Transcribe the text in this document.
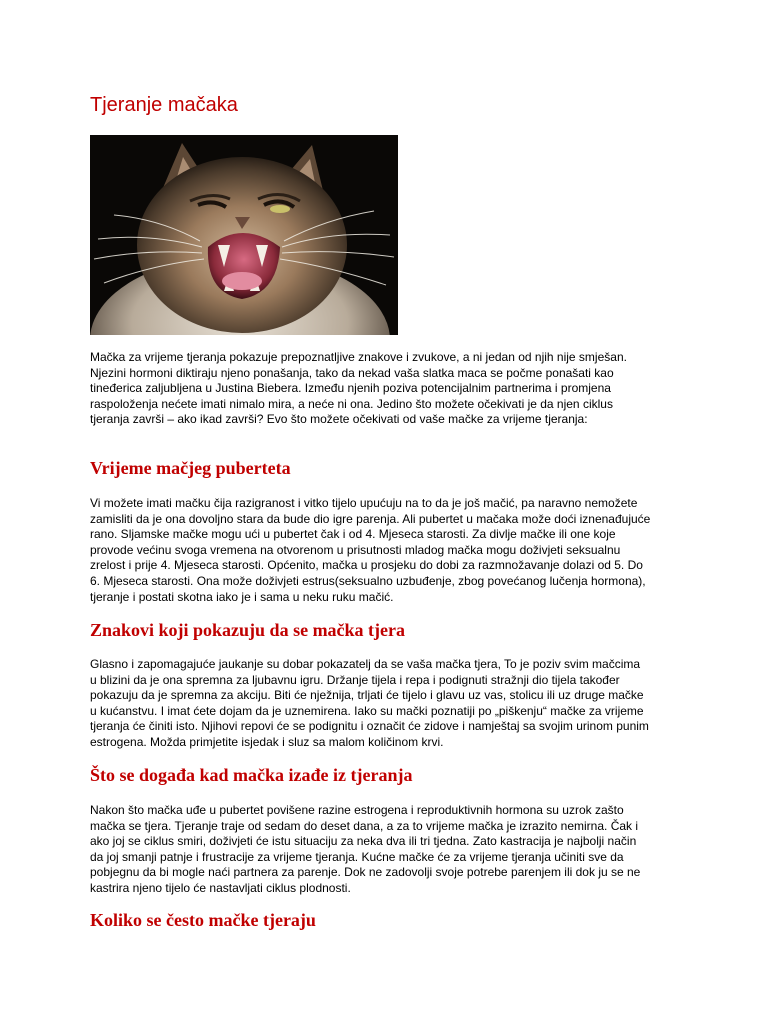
Tjeranje mačaka

Mačka za vrijeme tjeranja pokazuje prepoznatljive znakove i zvukove, a ni jedan od njih nije smješan.
Njezini hormoni diktiraju njeno ponašanja, tako da nekad vaša slatka maca se počme ponašati kao
tineđerica zaljubljena u Justina Biebera. Između njenih poziva potencijalnim partnerima i promjena
raspoloženja nećete imati nimalo mira, a neće ni ona. Jedino što možete očekivati je da njen ciklus
tjeranja završi – ako ikad završi? Evo što možete očekivati od vaše mačke za vrijeme tjeranja:

Vrijeme mačjeg puberteta

Vi možete imati mačku čija razigranost i vitko tijelo upućuju na to da je još mačić, pa naravno nemožete
zamisliti da je ona dovoljno stara da bude dio igre parenja. Ali pubertet u mačaka može doći iznenađujuće
rano. Sljamske mačke mogu ući u pubertet čak i od 4. Mjeseca starosti. Za divlje mačke ili one koje
provode većinu svoga vremena na otvorenom u prisutnosti mladog mačka mogu doživjeti seksualnu
zrelost i prije 4. Mjeseca starosti. Općenito, mačka u prosjeku do dobi za razmnožavanje dolazi od 5. Do
6. Mjeseca starosti. Ona može doživjeti estrus(seksualno uzbuđenje, zbog povećanog lučenja hormona),
tjeranje i postati skotna iako je i sama u neku ruku mačić.

Znakovi koji pokazuju da se mačka tjera

Glasno i zapomagajuće jaukanje su dobar pokazatelj da se vaša mačka tjera, To je poziv svim mačcima
u blizini da je ona spremna za ljubavnu igru. Držanje tijela i repa i podignuti stražnji dio tijela također
pokazuju da je spremna za akciju. Biti će nježnija, trljati će tijelo i glavu uz vas, stolicu ili uz druge mačke
u kućanstvu. I imat ćete dojam da je uznemirena. Iako su mački poznatiji po „piškenju“ mačke za vrijeme
tjeranja će činiti isto. Njihovi repovi će se podignitu i označit će zidove i namještaj sa svojim urinom punim
estrogena. Možda primjetite isjedak i sluz sa malom količinom krvi.

Što se događa kad mačka izađe iz tjeranja

Nakon što mačka uđe u pubertet povišene razine estrogena i reproduktivnih hormona su uzrok zašto
mačka se tjera. Tjeranje traje od sedam do deset dana, a za to vrijeme mačka je izrazito nemirna. Čak i
ako joj se ciklus smiri, doživjeti će istu situaciju za neka dva ili tri tjedna. Zato kastracija je najbolji način
da joj smanji patnje i frustracije za vrijeme tjeranja. Kućne mačke će za vrijeme tjeranja učiniti sve da
pobjegnu da bi mogle naći partnera za parenje. Dok ne zadovolji svoje potrebe parenjem ili dok ju se ne
kastrira njeno tijelo će nastavljati ciklus plodnosti.

Koliko se često mačke tjeraju
